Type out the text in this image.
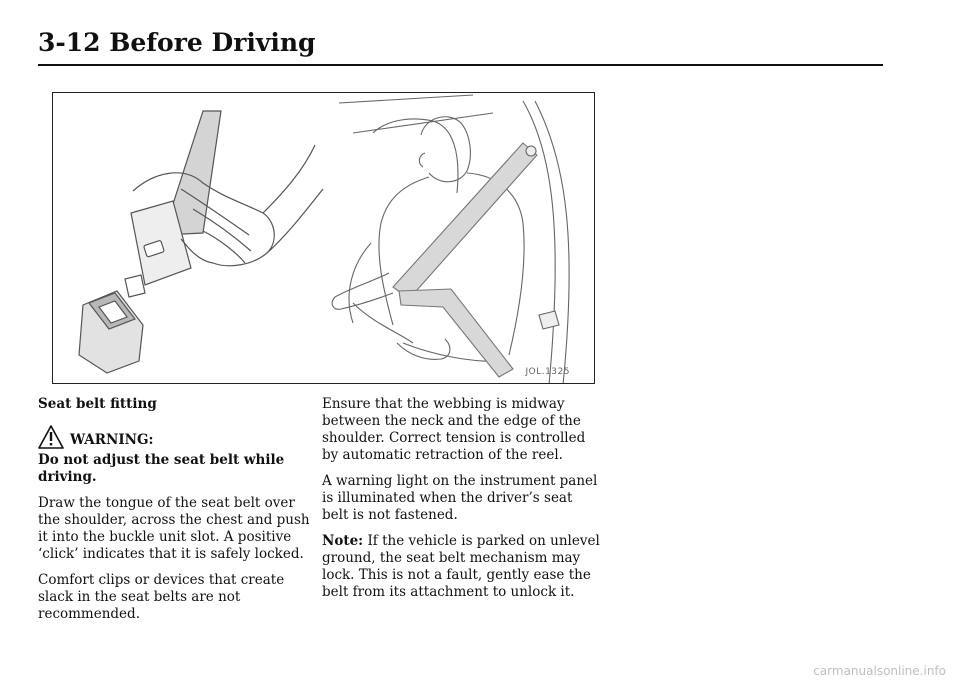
3-12 Before Driving
JOL.1325
Seat belt fitting
WARNING:
Do not adjust the seat belt while driving.

Draw the tongue of the seat belt over the shoulder, across the chest and push it into the buckle unit slot. A positive ‘click’ indicates that it is safely locked.

Comfort clips or devices that create slack in the seat belts are not recommended.

Ensure that the webbing is midway between the neck and the edge of the shoulder. Correct tension is controlled by automatic retraction of the reel.

A warning light on the instrument panel is illuminated when the driver’s seat belt is not fastened.

Note: If the vehicle is parked on unlevel ground, the seat belt mechanism may lock. This is not a fault, gently ease the belt from its attachment to unlock it.

carmanualsonline.info
